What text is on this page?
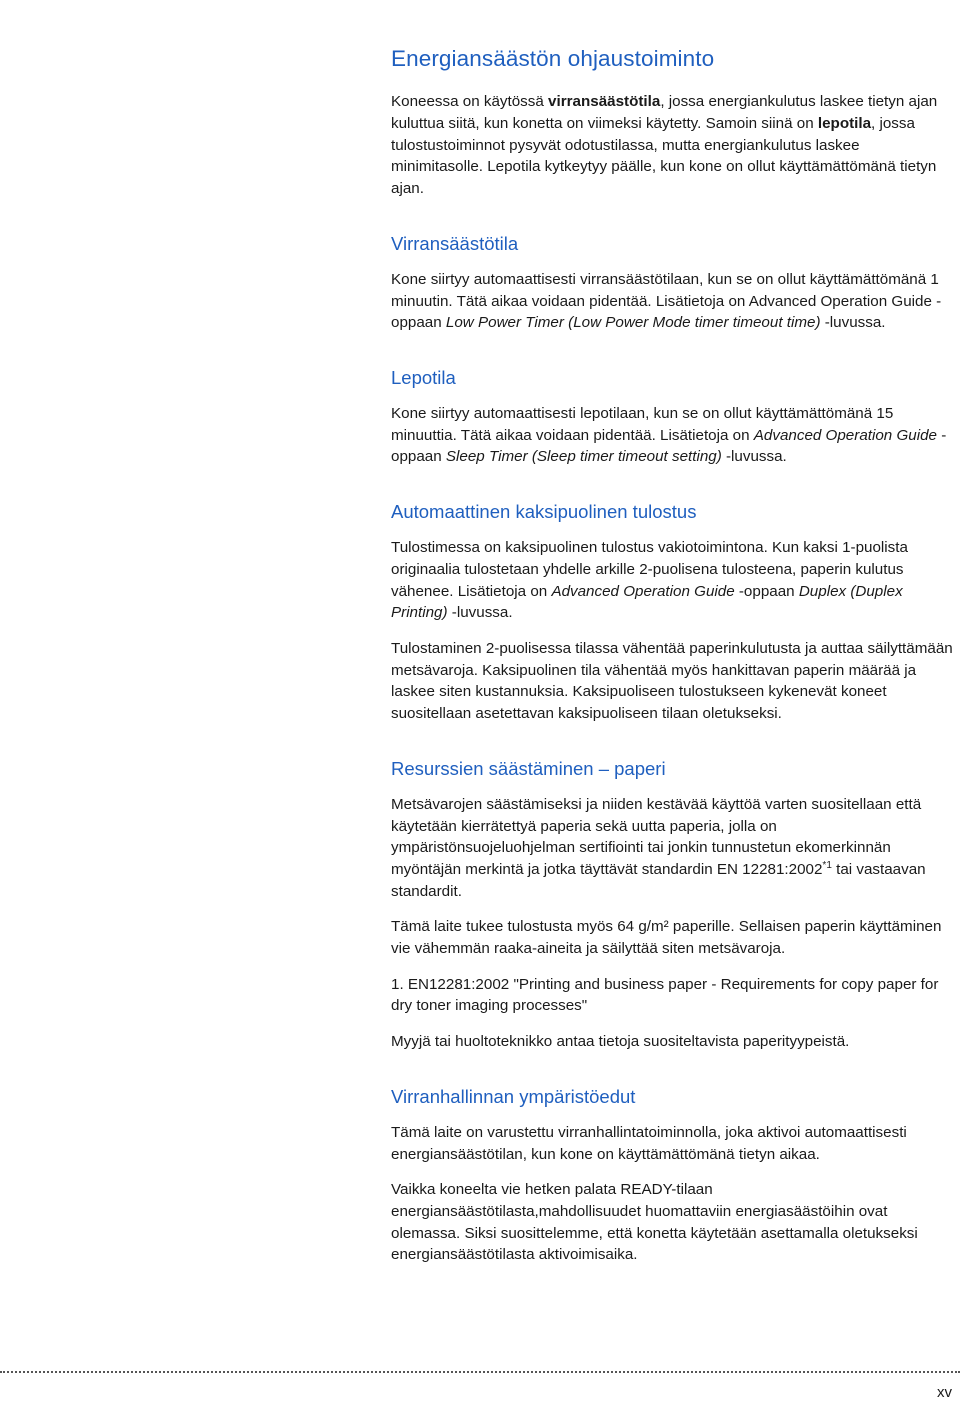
Energiansäästön ohjaustoiminto

Koneessa on käytössä virransäästötila, jossa energiankulutus laskee tietyn ajan kuluttua siitä, kun konetta on viimeksi käytetty. Samoin siinä on lepotila, jossa tulostustoiminnot pysyvät odotustilassa, mutta energiankulutus laskee minimitasolle. Lepotila kytkeytyy päälle, kun kone on ollut käyttämättömänä tietyn ajan.

Virransäästötila

Kone siirtyy automaattisesti virransäästötilaan, kun se on ollut käyttämättömänä 1 minuutin. Tätä aikaa voidaan pidentää. Lisätietoja on Advanced Operation Guide -oppaan Low Power Timer (Low Power Mode timer timeout time) -luvussa.

Lepotila

Kone siirtyy automaattisesti lepotilaan, kun se on ollut käyttämättömänä 15 minuuttia. Tätä aikaa voidaan pidentää. Lisätietoja on Advanced Operation Guide -oppaan Sleep Timer (Sleep timer timeout setting) -luvussa.

Automaattinen kaksipuolinen tulostus

Tulostimessa on kaksipuolinen tulostus vakiotoimintona. Kun kaksi 1-puolista originaalia tulostetaan yhdelle arkille 2-puolisena tulosteena, paperin kulutus vähenee. Lisätietoja on Advanced Operation Guide -oppaan Duplex (Duplex Printing) -luvussa.

Tulostaminen 2-puolisessa tilassa vähentää paperinkulutusta ja auttaa säilyttämään metsävaroja. Kaksipuolinen tila vähentää myös hankittavan paperin määrää ja laskee siten kustannuksia. Kaksipuoliseen tulostukseen kykenevät koneet suositellaan asetettavan kaksipuoliseen tilaan oletukseksi.

Resurssien säästäminen – paperi

Metsävarojen säästämiseksi ja niiden kestävää käyttöä varten suositellaan että käytetään kierrätettyä paperia sekä uutta paperia, jolla on ympäristönsuojeluohjelman sertifiointi tai jonkin tunnustetun ekomerkinnän myöntäjän merkintä ja jotka täyttävät standardin EN 12281:2002$^{*1}$ tai vastaavan standardit.

Tämä laite tukee tulostusta myös 64 g/m² paperille. Sellaisen paperin käyttäminen vie vähemmän raaka-aineita ja säilyttää siten metsävaroja.

1. EN12281:2002 "Printing and business paper - Requirements for copy paper for dry toner imaging processes"

Myyjä tai huoltoteknikko antaa tietoja suositeltavista paperityypeistä.

Virranhallinnan ympäristöedut

Tämä laite on varustettu virranhallintatoiminnolla, joka aktivoi automaattisesti energiansäästötilan, kun kone on käyttämättömänä tietyn aikaa.

Vaikka koneelta vie hetken palata READY-tilaan energiansäästötilasta,mahdollisuudet huomattaviin energiasäästöihin ovat olemassa. Siksi suosittelemme, että konetta käytetään asettamalla oletukseksi energiansäästötilasta aktivoimisaika.

xv
